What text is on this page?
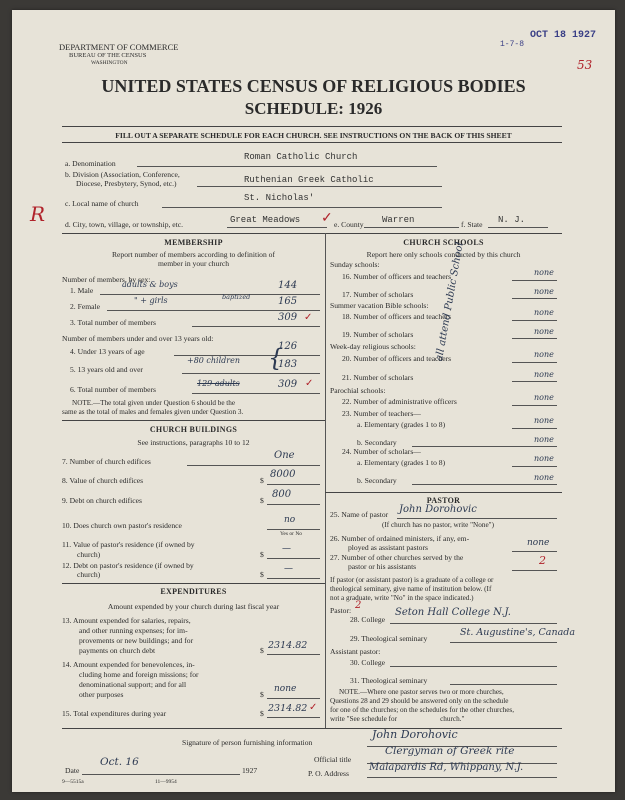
OCT 18 1927
1-7-8
53
DEPARTMENT OF COMMERCE
BUREAU OF THE CENSUS
WASHINGTON
UNITED STATES CENSUS OF RELIGIOUS BODIES
SCHEDULE: 1926
FILL OUT A SEPARATE SCHEDULE FOR EACH CHURCH. SEE INSTRUCTIONS ON THE BACK OF THIS SHEET
a. Denomination
Roman Catholic Church
b. Division (Association, Conference,
Diocese, Presbytery, Synod, etc.)	Ruthenian Greek Catholic
c. Local name of church
St. Nicholas'
R	d. City, town, village, or township, etc.	Great Meadows ✓ e. County Warren	f. State N. J.
MEMBERSHIP
Report number of members according to definition of
member in your church
Number of members, by sex:
1. Male
adults & boys	144
2. Female
" + girls	baptized	165
3. Total number of members	309 ✓
Number of members under and over 13 years old:
4. Under 13 years of age	126
5. 13 years old and over
+80 children	183
{
6. Total number of members
129 adults	309 ✓
NOTE.—The total given under Question 6 should be the
same as the total of males and females given under Question 3.
CHURCH BUILDINGS
See instructions, paragraphs 10 to 12
7. Number of church edifices
One
8. Value of church edifices	$
8000
9. Debt on church edifices	$
800
10. Does church own pastor's residence
no
Yes or No
11. Value of pastor's residence (if owned by
church)	$
—
12. Debt on pastor's residence (if owned by
church)	$
—
EXPENDITURES
Amount expended by your church during last fiscal year
13. Amount expended for salaries, repairs,
and other running expenses; for im-
provements or new buildings; and for
payments on church debt	$ 2314.82
14. Amount expended for benevolences, in-
cluding home and foreign missions; for
denominational support; and for all
other purposes	$
none
15. Total expenditures during year	$ 2314.82 ✓
CHURCH SCHOOLS
Report here only schools conducted by this church
Sunday schools:
16. Number of officers and teachers	none
17. Number of scholars	none
Summer vacation Bible schools:
18. Number of officers and teachers	none
19. Number of scholars	none
Week-day religious schools:
20. Number of officers and teachers	none
21. Number of scholars	none
Parochial schools:
22. Number of administrative officers	none
23. Number of teachers—
a. Elementary (grades 1 to 8)	none
b. Secondary	none
24. Number of scholars—
a. Elementary (grades 1 to 8)	none
b. Secondary	none
all attend Public School
PASTOR
25. Name of pastor John Dorohovic
(If church has no pastor, write "None")
26. Number of ordained ministers, if any, em-
ployed as assistant pastors	none
27. Number of other churches served by the
pastor or his assistants	2
If pastor (or assistant pastor) is a graduate of a college or
theological seminary, give name of institution below. (If
not a graduate, write "No" in the space indicated.)
Pastor: 2
28. College
Seton Hall College N.J.
29. Theological seminary
St. Augustine's, Canada
Assistant pastor:
30. College
31. Theological seminary
NOTE.—Where one pastor serves two or more churches,
Questions 28 and 29 should be answered only on the schedule
for one of the churches; on the schedules for the other churches,
write "See schedule for                        church."
Signature of person furnishing information
John Dorohovic
Official title
Clergyman of Greek rite
Date
Oct. 16
1927	P. O. Address
Malapardis Rd, Whippany, N.J.
9—5515a	11—9954
